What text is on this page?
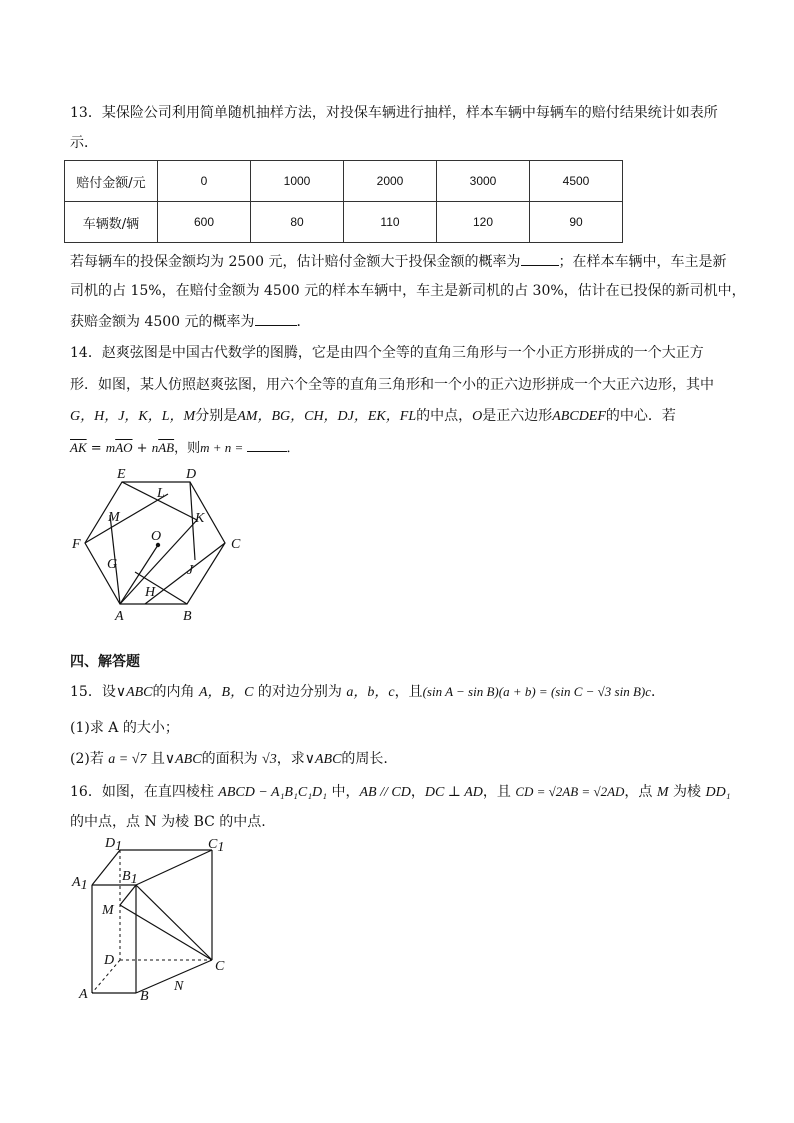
13．某保险公司利用简单随机抽样方法，对投保车辆进行抽样，样本车辆中每辆车的赔付结果统计如表所
示．
赔付金额/元	0	1000	2000	3000	4500
车辆数/辆	600	80	110	120	90
若每辆车的投保金额均为 2500 元，估计赔付金额大于投保金额的概率为	；在样本车辆中，车主是新
司机的占 15%，在赔付金额为 4500 元的样本车辆中，车主是新司机的占 30%，估计在已投保的新司机中，
获赔金额为 4500 元的概率为	．
14．赵爽弦图是中国古代数学的图腾，它是由四个全等的直角三角形与一个小正方形拼成的一个大正方
形．如图，某人仿照赵爽弦图，用六个全等的直角三角形和一个小的正六边形拼成一个大正六边形，其中
G，H，J，K，L，M分别是AM，BG，CH，DJ，EK，FL的中点，O是正六边形ABCDEF的中心．若
$\overline{AK} = m\overline{AO} + n\overline{AB}$，则m + n =	．
A	B
C
D
E
F
G
H
J
K
L
M
O
四、解答题
15．设∨ABC的内角 A，B，C 的对边分别为 a，b，c，且(sin A − sin B)(a + b) = (sin C − √3 sin B)c．
(1)求 A 的大小；
(2)若 a = √7 且∨ABC的面积为 √3，求∨ABC的周长.
16．如图，在直四棱柱 ABCD − A₁B₁C₁D₁ 中，AB // CD，DC ⊥ AD，且 CD = √2AB = √2AD，点 M 为棱 DD₁
的中点，点 N 为棱 BC 的中点.
D1	C1
A1
B1
M
D	C
A	B
N
